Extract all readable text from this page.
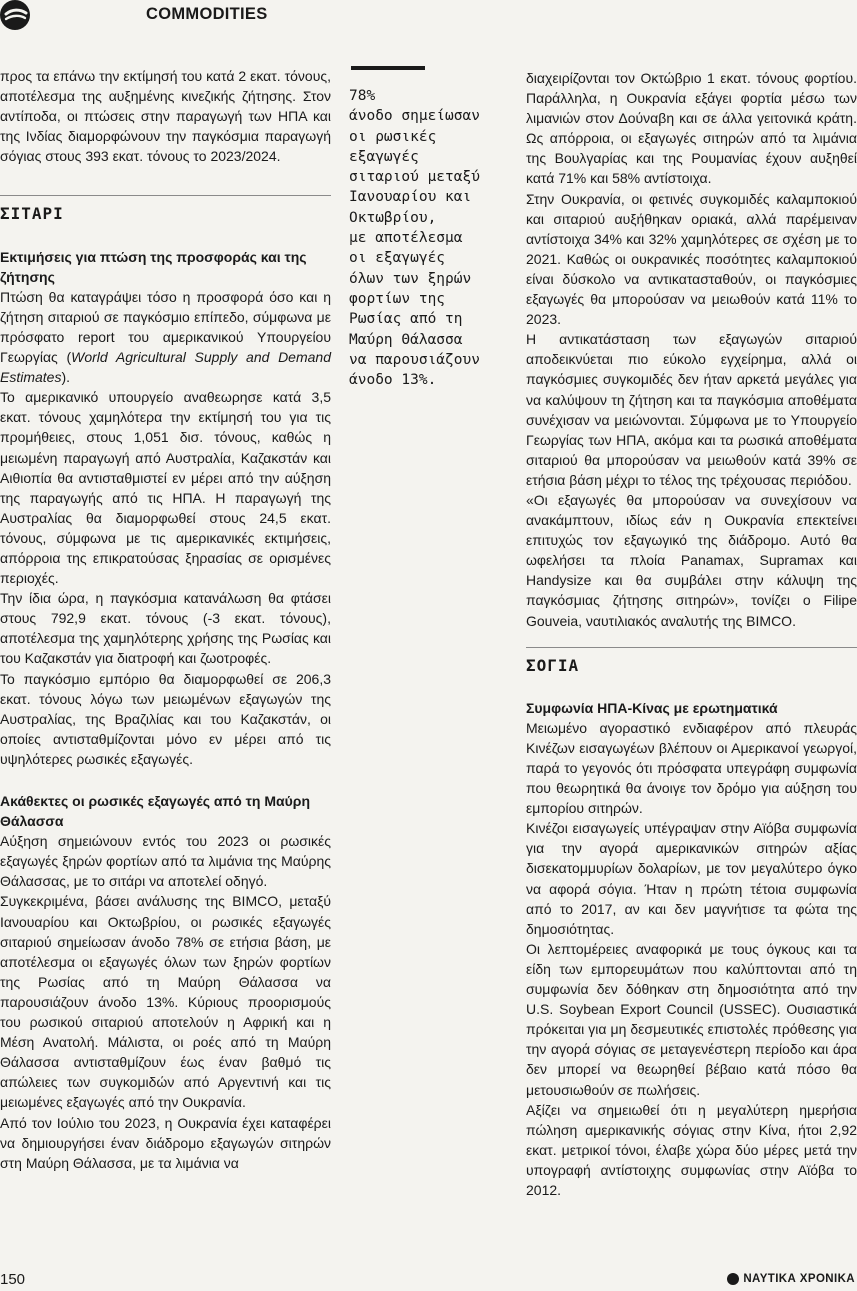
COMMODITIES

προς τα επάνω την εκτίμησή του κατά 2 εκατ. τόνους, αποτέλεσμα της αυξημένης κινεζικής ζήτησης. Στον αντίποδα, οι πτώσεις στην παραγωγή των ΗΠΑ και της Ινδίας διαμορφώνουν την παγκόσμια παραγωγή σόγιας στους 393 εκατ. τόνους το 2023/2024.

ΣΙΤΑΡΙ
Εκτιμήσεις για πτώση της προσφοράς και της ζήτησης

Πτώση θα καταγράψει τόσο η προσφορά όσο και η ζήτηση σιταριού σε παγκόσμιο επίπεδο, σύμφωνα με πρόσφατο report του αμερικανικού Υπουργείου Γεωργίας (World Agricultural Supply and Demand Estimates).

Το αμερικανικό υπουργείο αναθεωρησε κατά 3,5 εκατ. τόνους χαμηλότερα την εκτίμησή του για τις προμήθειες, στους 1,051 δισ. τόνους, καθώς η μειωμένη παραγωγή από Αυστραλία, Καζακστάν και Αιθιοπία θα αντισταθμιστεί εν μέρει από την αύξηση της παραγωγής από τις ΗΠΑ. Η παραγωγή της Αυστραλίας θα διαμορφωθεί στους 24,5 εκατ. τόνους, σύμφωνα με τις αμερικανικές εκτιμήσεις, απόρροια της επικρατούσας ξηρασίας σε ορισμένες περιοχές.

Την ίδια ώρα, η παγκόσμια κατανάλωση θα φτάσει στους 792,9 εκατ. τόνους (-3 εκατ. τόνους), αποτέλεσμα της χαμηλότερης χρήσης της Ρωσίας και του Καζακστάν για διατροφή και ζωοτροφές.

Το παγκόσμιο εμπόριο θα διαμορφωθεί σε 206,3 εκατ. τόνους λόγω των μειωμένων εξαγωγών της Αυστραλίας, της Βραζιλίας και του Καζακστάν, οι οποίες αντισταθμίζονται μόνο εν μέρει από τις υψηλότερες ρωσικές εξαγωγές.

Ακάθεκτες οι ρωσικές εξαγωγές από τη Μαύρη Θάλασσα

Αύξηση σημειώνουν εντός του 2023 οι ρωσικές εξαγωγές ξηρών φορτίων από τα λιμάνια της Μαύρης Θάλασσας, με το σιτάρι να αποτελεί οδηγό.

Συγκεκριμένα, βάσει ανάλυσης της BIMCO, μεταξύ Ιανουαρίου και Οκτωβρίου, οι ρωσικές εξαγωγές σιταριού σημείωσαν άνοδο 78% σε ετήσια βάση, με αποτέλεσμα οι εξαγωγές όλων των ξηρών φορτίων της Ρωσίας από τη Μαύρη Θάλασσα να παρουσιάζουν άνοδο 13%. Κύριους προορισμούς του ρωσικού σιταριού αποτελούν η Αφρική και η Μέση Ανατολή. Μάλιστα, οι ροές από τη Μαύρη Θάλασσα αντισταθμίζουν έως έναν βαθμό τις απώλειες των συγκομιδών από Αργεντινή και τις μειωμένες εξαγωγές από την Ουκρανία.

Από τον Ιούλιο του 2023, η Ουκρανία έχει καταφέρει να δημιουργήσει έναν διάδρομο εξαγωγών σιτηρών στη Μαύρη Θάλασσα, με τα λιμάνια να

78%
άνοδο σημείωσαν
οι ρωσικές
εξαγωγές
σιταριού μεταξύ
Ιανουαρίου και
Οκτωβρίου,
με αποτέλεσμα
οι εξαγωγές
όλων των ξηρών
φορτίων της
Ρωσίας από τη
Μαύρη Θάλασσα
να παρουσιάζουν
άνοδο 13%.

διαχειρίζονται τον Οκτώβριο 1 εκατ. τόνους φορτίου. Παράλληλα, η Ουκρανία εξάγει φορτία μέσω των λιμανιών στον Δούναβη και σε άλλα γειτονικά κράτη. Ως απόρροια, οι εξαγωγές σιτηρών από τα λιμάνια της Βουλγαρίας και της Ρουμανίας έχουν αυξηθεί κατά 71% και 58% αντίστοιχα.

Στην Ουκρανία, οι φετινές συγκομιδές καλαμποκιού και σιταριού αυξήθηκαν οριακά, αλλά παρέμειναν αντίστοιχα 34% και 32% χαμηλότερες σε σχέση με το 2021. Καθώς οι ουκρανικές ποσότητες καλαμποκιού είναι δύσκολο να αντικατασταθούν, οι παγκόσμιες εξαγωγές θα μπορούσαν να μειωθούν κατά 11% το 2023.

Η αντικατάσταση των εξαγωγών σιταριού αποδεικνύεται πιο εύκολο εγχείρημα, αλλά οι παγκόσμιες συγκομιδές δεν ήταν αρκετά μεγάλες για να καλύψουν τη ζήτηση και τα παγκόσμια αποθέματα συνέχισαν να μειώνονται. Σύμφωνα με το Υπουργείο Γεωργίας των ΗΠΑ, ακόμα και τα ρωσικά αποθέματα σιταριού θα μπορούσαν να μειωθούν κατά 39% σε ετήσια βάση μέχρι το τέλος της τρέχουσας περιόδου.

«Οι εξαγωγές θα μπορούσαν να συνεχίσουν να ανακάμπτουν, ιδίως εάν η Ουκρανία επεκτείνει επιτυχώς τον εξαγωγικό της διάδρομο. Αυτό θα ωφελήσει τα πλοία Panamax, Supramax και Handysize και θα συμβάλει στην κάλυψη της παγκόσμιας ζήτησης σιτηρών», τονίζει ο Filipe Gouveia, ναυτιλιακός αναλυτής της BIMCO.

ΣΟΓΙΑ
Συμφωνία ΗΠΑ-Κίνας με ερωτηματικά

Μειωμένο αγοραστικό ενδιαφέρον από πλευράς Κινέζων εισαγωγέων βλέπουν οι Αμερικανοί γεωργοί, παρά το γεγονός ότι πρόσφατα υπεγράφη συμφωνία που θεωρητικά θα άνοιγε τον δρόμο για αύξηση του εμπορίου σιτηρών.

Κινέζοι εισαγωγείς υπέγραψαν στην Αϊόβα συμφωνία για την αγορά αμερικανικών σιτηρών αξίας δισεκατομμυρίων δολαρίων, με τον μεγαλύτερο όγκο να αφορά σόγια. Ήταν η πρώτη τέτοια συμφωνία από το 2017, αν και δεν μαγνήτισε τα φώτα της δημοσιότητας.

Οι λεπτομέρειες αναφορικά με τους όγκους και τα είδη των εμπορευμάτων που καλύπτονται από τη συμφωνία δεν δόθηκαν στη δημοσιότητα από την U.S. Soybean Export Council (USSEC). Ουσιαστικά πρόκειται για μη δεσμευτικές επιστολές πρόθεσης για την αγορά σόγιας σε μεταγενέστερη περίοδο και άρα δεν μπορεί να θεωρηθεί βέβαιο κατά πόσο θα μετουσιωθούν σε πωλήσεις.

Αξίζει να σημειωθεί ότι η μεγαλύτερη ημερήσια πώληση αμερικανικής σόγιας στην Κίνα, ήτοι 2,92 εκατ. μετρικοί τόνοι, έλαβε χώρα δύο μέρες μετά την υπογραφή αντίστοιχης συμφωνίας στην Αϊόβα το 2012.

150	ΝΑΥΤΙΚΑ ΧΡΟΝΙΚΑ
